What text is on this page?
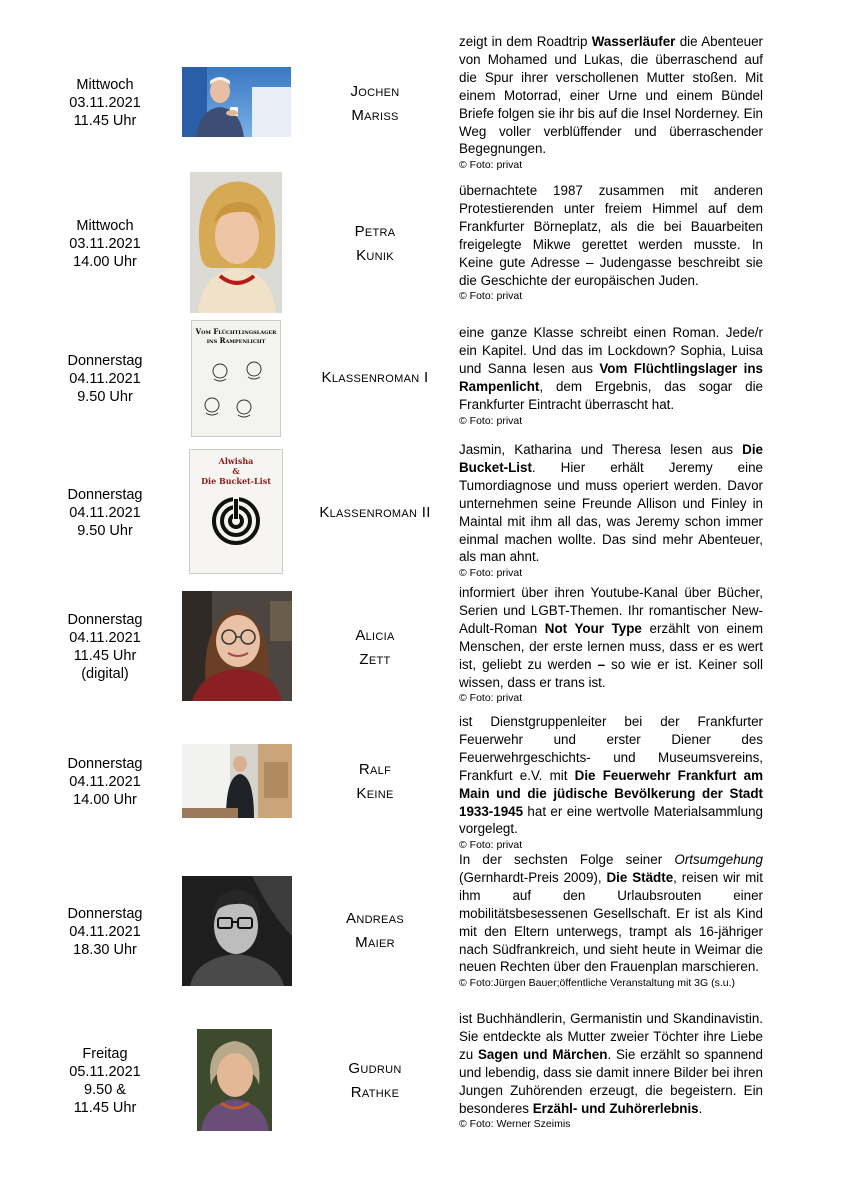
Mittwoch
03.11.2021
11.45 Uhr
Jochen
Mariss
zeigt in dem Roadtrip Wasserläufer die Abenteuer von Mohamed und Lukas, die überraschend auf die Spur ihrer verschollenen Mutter stoßen. Mit einem Motorrad, einer Urne und einem Bündel Briefe folgen sie ihr bis auf die Insel Norderney. Ein Weg voller verblüffender und überraschender Begegnungen.
© Foto: privat
Mittwoch
03.11.2021
14.00 Uhr
Petra
Kunik
übernachtete 1987 zusammen mit anderen Protestierenden unter freiem Himmel auf dem Frankfurter Börneplatz, als die bei Bauarbeiten freigelegte Mikwe gerettet werden musste. In Keine gute Adresse – Judengasse beschreibt sie die Geschichte der europäischen Juden.
© Foto: privat
Donnerstag
04.11.2021
9.50 Uhr
Vom Flüchtlingslager
ins Rampenlicht
Klassenroman I
eine ganze Klasse schreibt einen Roman. Jede/r ein Kapitel. Und das im Lockdown? Sophia, Luisa und Sanna lesen aus Vom Flüchtlingslager ins Rampenlicht, dem Ergebnis, das sogar die Frankfurter Eintracht überrascht hat.
© Foto: privat
Donnerstag
04.11.2021
9.50 Uhr
Alwisha
&
Die Bucket-List
Klassenroman II
Jasmin, Katharina und Theresa lesen aus Die Bucket-List. Hier erhält Jeremy eine Tumordiagnose und muss operiert werden. Davor unternehmen seine Freunde Allison und Finley in Maintal mit ihm all das, was Jeremy schon immer einmal machen wollte. Das sind mehr Abenteuer, als man ahnt.
© Foto: privat
Donnerstag
04.11.2021
11.45 Uhr
(digital)
Alicia
Zett
informiert über ihren Youtube-Kanal über Bücher, Serien und LGBT-Themen. Ihr romantischer New-Adult-Roman Not Your Type erzählt von einem Menschen, der erste lernen muss, dass er es wert ist, geliebt zu werden – so wie er ist. Keiner soll wissen, dass er trans ist.
© Foto: privat
Donnerstag
04.11.2021
14.00 Uhr
Ralf
Keine
ist Dienstgruppenleiter bei der Frankfurter Feuerwehr und erster Diener des Feuerwehrgeschichts- und Museumsvereins, Frankfurt e.V. mit Die Feuerwehr Frankfurt am Main und die jüdische Bevölkerung der Stadt 1933-1945 hat er eine wertvolle Materialsammlung vorgelegt.
© Foto: privat
Donnerstag
04.11.2021
18.30 Uhr
Andreas
Maier
In der sechsten Folge seiner Ortsumgehung (Gernhardt-Preis 2009), Die Städte, reisen wir mit ihm auf den Urlaubsrouten einer mobilitätsbesessenen Gesellschaft. Er ist als Kind mit den Eltern unterwegs, trampt als 16-jähriger nach Südfrankreich, und sieht heute in Weimar die neuen Rechten über den Frauenplan marschieren.
© Foto:Jürgen Bauer;öffentliche Veranstaltung mit 3G (s.u.)
Freitag
05.11.2021
9.50 &
11.45 Uhr
Gudrun
Rathke
ist Buchhändlerin, Germanistin und Skandinavistin. Sie entdeckte als Mutter zweier Töchter ihre Liebe zu Sagen und Märchen. Sie erzählt so spannend und lebendig, dass sie damit innere Bilder bei ihren Jungen Zuhörenden erzeugt, die begeistern. Ein besonderes Erzähl- und Zuhörerlebnis.
© Foto: Werner Szeimis
